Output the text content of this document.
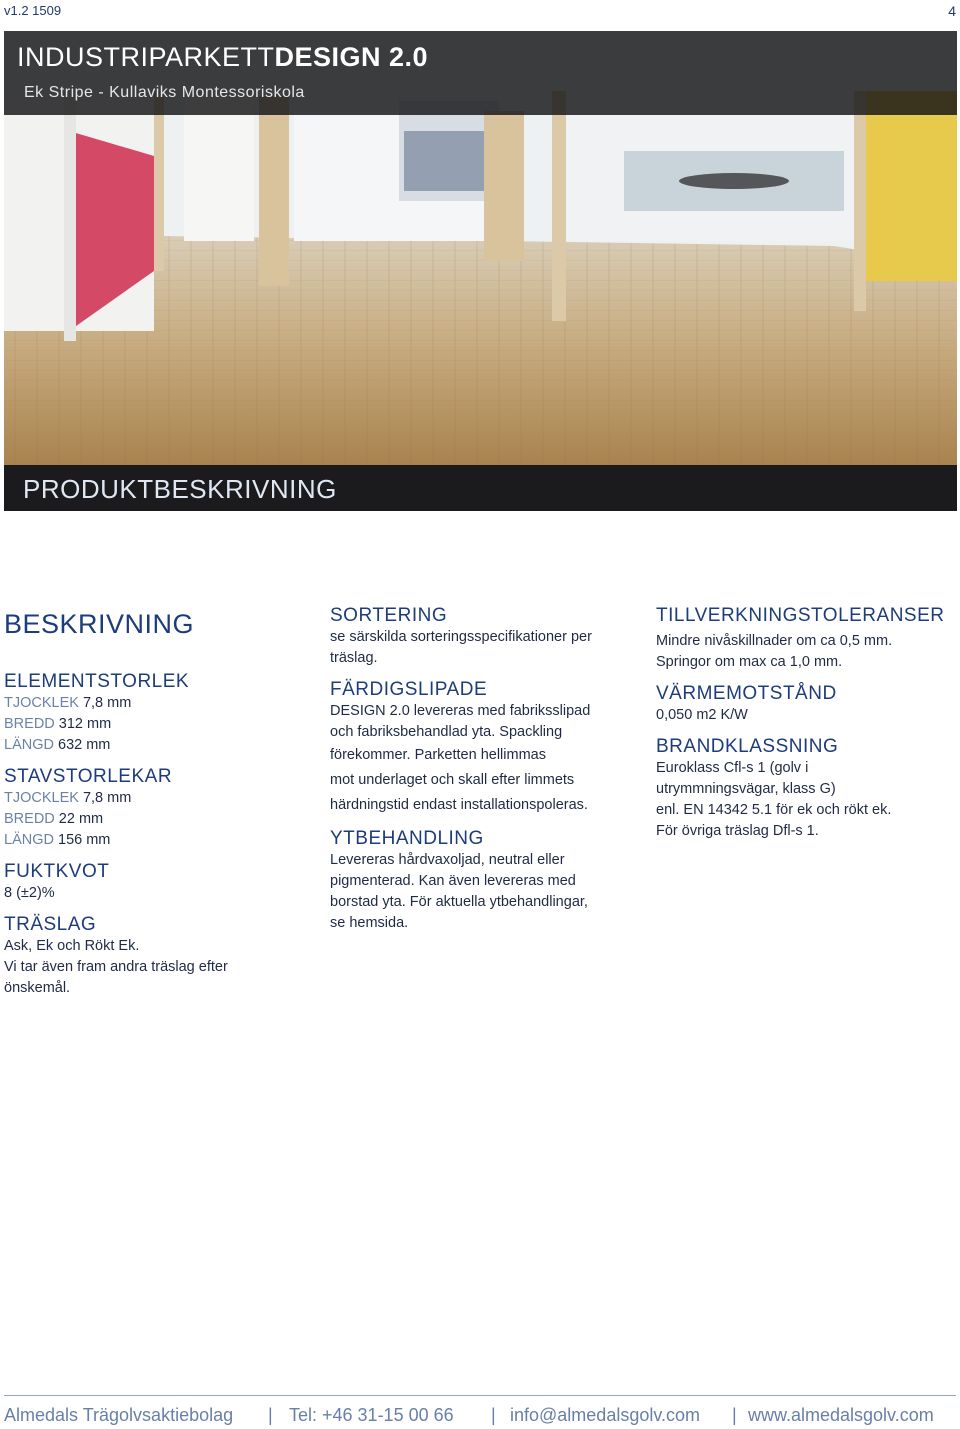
v1.2 1509	4
INDUSTRIPARKETTDESIGN 2.0
Ek Stripe - Kullaviks Montessoriskola
PRODUKTBESKRIVNING
BESKRIVNING
ELEMENTSTORLEK
TJOCKLEK 7,8 mm
BREDD 312 mm
LÄNGD 632 mm
STAVSTORLEKAR
TJOCKLEK 7,8 mm
BREDD 22 mm
LÄNGD 156 mm
FUKTKVOT
8 (±2)%
TRÄSLAG
Ask, Ek och Rökt Ek.
Vi tar även fram andra träslag efter
önskemål.
SORTERING
se särskilda sorteringsspecifikationer per
träslag.
FÄRDIGSLIPADE
DESIGN 2.0 levereras med fabriksslipad
och fabriksbehandlad yta. Spackling
förekommer. Parketten hellimmas
mot underlaget och skall efter limmets
härdningstid endast installationspoleras.
YTBEHANDLING
Levereras hårdvaxoljad, neutral eller
pigmenterad. Kan även levereras med
borstad yta. För aktuella ytbehandlingar,
se hemsida.
TILLVERKNINGSTOLERANSER
Mindre nivåskillnader om ca 0,5 mm.
Springor om max ca 1,0 mm.
VÄRMEMOTSTÅND
0,050 m2 K/W
BRANDKLASSNING
Euroklass Cfl-s 1 (golv i
utrymmningsvägar, klass G)
enl. EN 14342 5.1 för ek och rökt ek.
För övriga träslag Dfl-s 1.
Almedals Trägolvsaktiebolag | Tel: +46 31-15 00 66 | info@almedalsgolv.com | www.almedalsgolv.com
